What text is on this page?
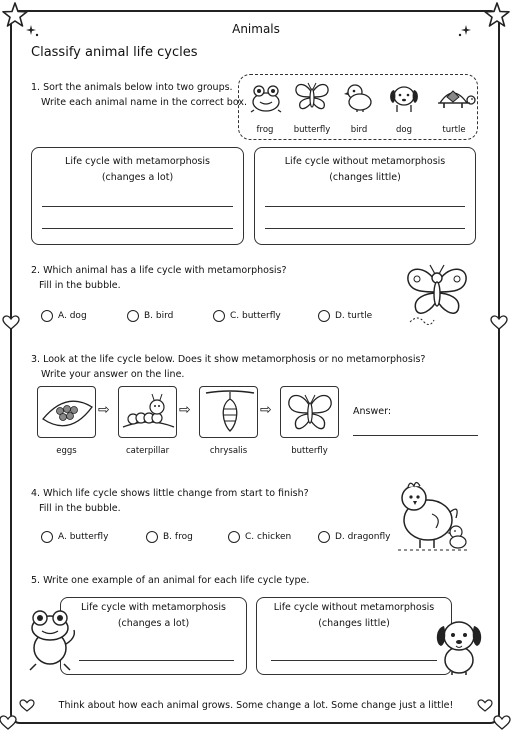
Animals
Classify animal life cycles
1. Sort the animals below into two groups.
Write each animal name in the correct box.
frog	butterfly	bird	dog	turtle
Life cycle with metamorphosis
(changes a lot)
Life cycle without metamorphosis
(changes little)
2. Which animal has a life cycle with metamorphosis?
Fill in the bubble.
A. dog	B. bird	C. butterfly	D. turtle
3. Look at the life cycle below. Does it show metamorphosis or no metamorphosis?
Write your answer on the line.
⇨	⇨	⇨
eggs	caterpillar	chrysalis	butterfly
Answer:
4. Which life cycle shows little change from start to finish?
Fill in the bubble.
A. butterfly	B. frog	C. chicken	D. dragonfly
5. Write one example of an animal for each life cycle type.
Life cycle with metamorphosis
(changes a lot)
Life cycle without metamorphosis
(changes little)
Think about how each animal grows. Some change a lot. Some change just a little!
